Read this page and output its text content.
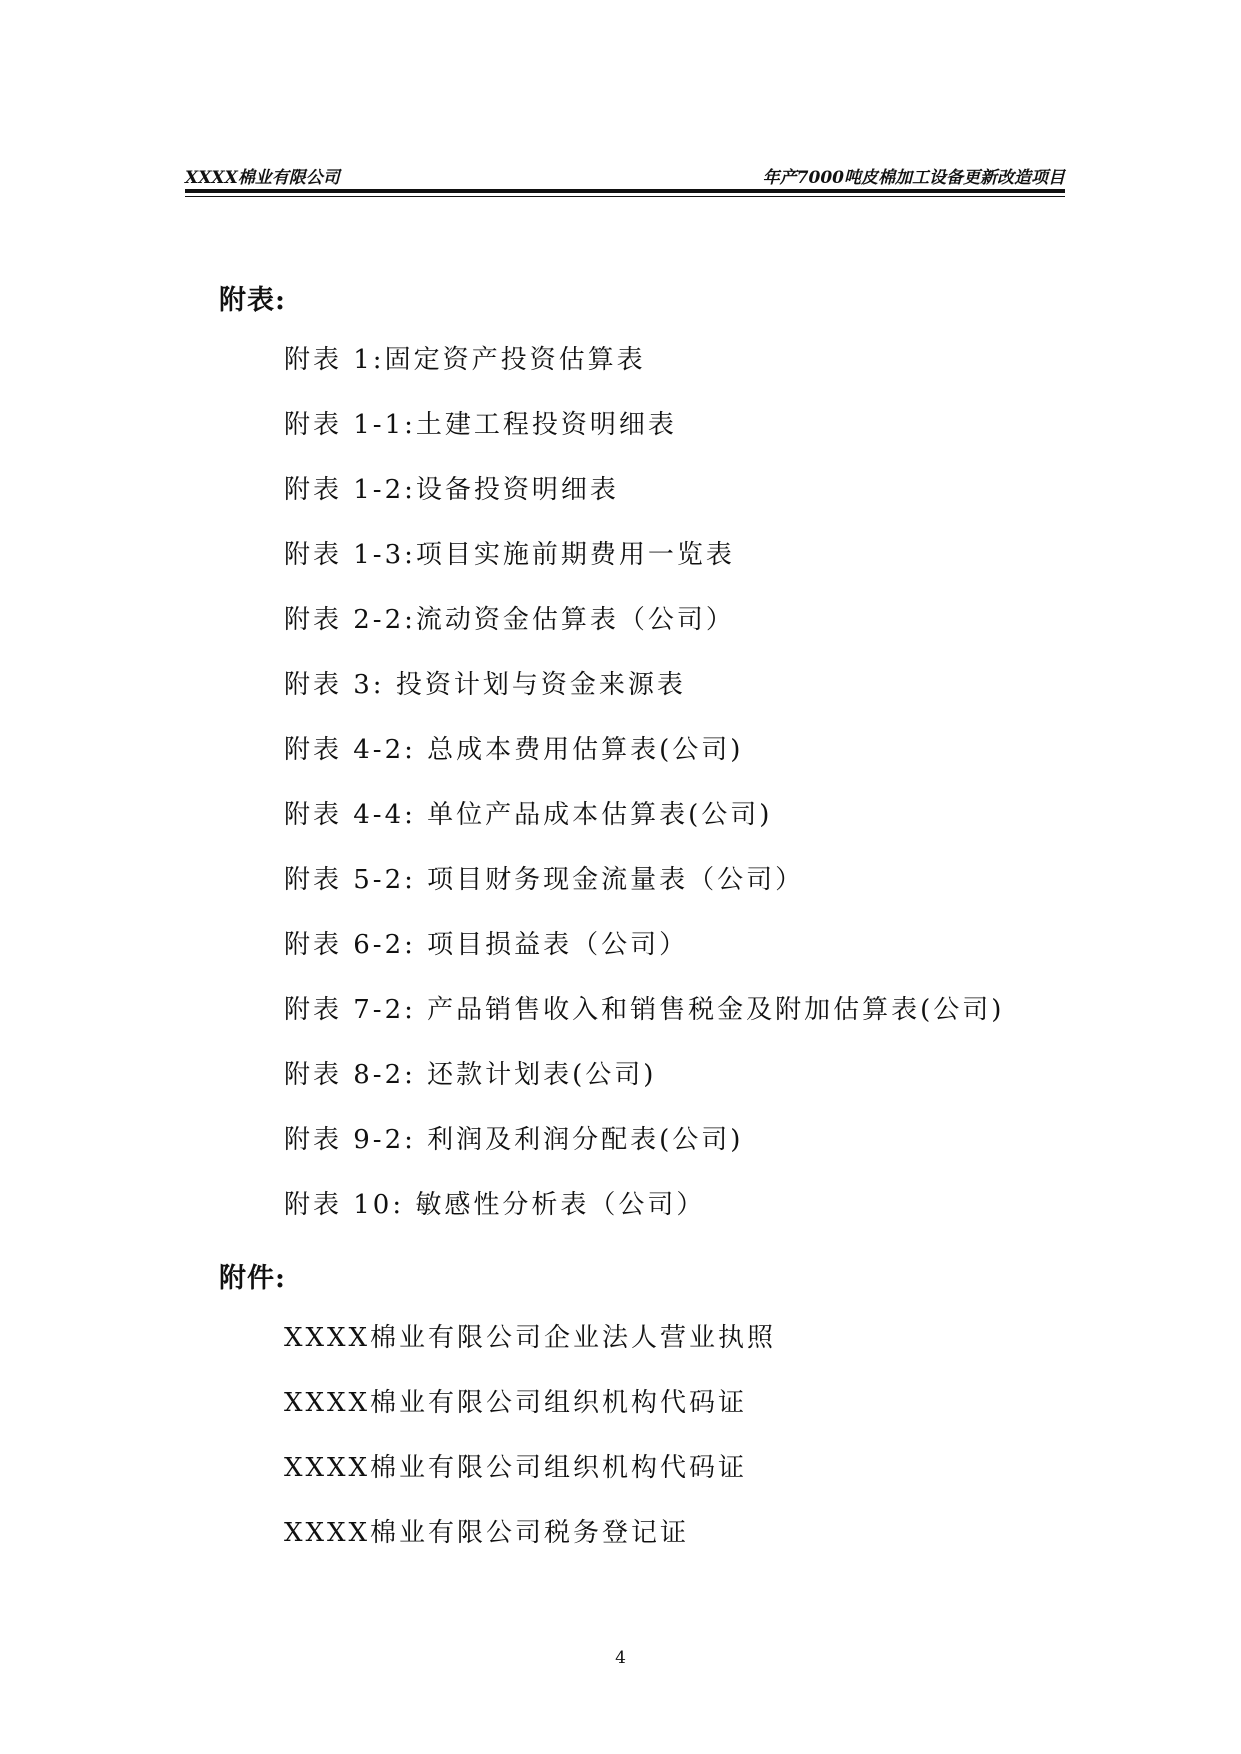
XXXX棉业有限公司	年产7000吨皮棉加工设备更新改造项目
附表:
附表 1:固定资产投资估算表
附表 1-1:土建工程投资明细表
附表 1-2:设备投资明细表
附表 1-3:项目实施前期费用一览表
附表 2-2:流动资金估算表（公司）
附表 3: 投资计划与资金来源表
附表 4-2: 总成本费用估算表(公司)
附表 4-4: 单位产品成本估算表(公司)
附表 5-2: 项目财务现金流量表（公司）
附表 6-2: 项目损益表（公司）
附表 7-2: 产品销售收入和销售税金及附加估算表(公司)
附表 8-2: 还款计划表(公司)
附表 9-2: 利润及利润分配表(公司)
附表 10: 敏感性分析表（公司）
附件:
XXXX棉业有限公司企业法人营业执照
XXXX棉业有限公司组织机构代码证
XXXX棉业有限公司组织机构代码证
XXXX棉业有限公司税务登记证
4
